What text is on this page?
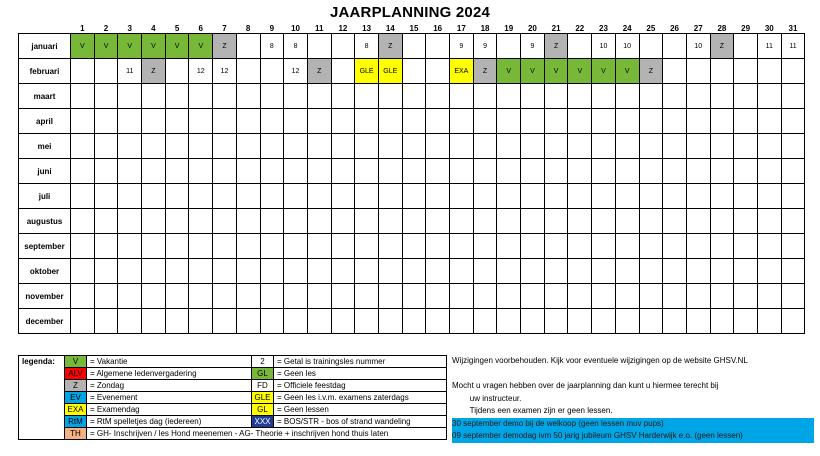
JAARPLANNING 2024
	1	2	3	4	5	6	7	8	9	10	11	12	13	14	15	16	17	18	19	20	21	22	23	24	25	26	27	28	29	30	31
januari	V	V	V	V	V	V	Z		8	8			8	Z			9	9		9	Z		10	10			10	Z		11	11
februari			11	Z		12	12			12	Z		GLE	GLE			EXA	Z	V	V	V	V	V	V	Z						
maart																															
april																															
mei																															
juni																															
juli																															
augustus																															
september																															
oktober																															
november																															
december																															
legenda:	V	= Vakantie	2	= Getal is trainingsles nummer
	ALV	= Algemene ledenvergadering	GL	= Geen les
	Z	= Zondag	FD	= Officiele feestdag
	EV	= Evenement	GLE	= Geen les i.v.m. examens zaterdags
	EXA	= Examendag	GL	= Geen lessen
	RtM	= RtM spelletjes dag (iedereen)	XXX	= BOS/STR - bos of strand wandeling
	TH	= GH- Inschrijven / les Hond meenemen - AG- Theorie + inschrijven hond thuis laten		
Wijzigingen voorbehouden. Kijk voor eventuele wijzigingen op de website GHSV.NL
Mocht u vragen hebben over de jaarplanning dan kunt u hiermee terecht bij
uw instructeur.
Tijdens een examen zijn er geen lessen.
30 september demo bij de welkoop (geen lessen muv pups)
09 september demodag ivm 50 jarig jubileum GHSV Harderwijk e.o. (geen lessen)
